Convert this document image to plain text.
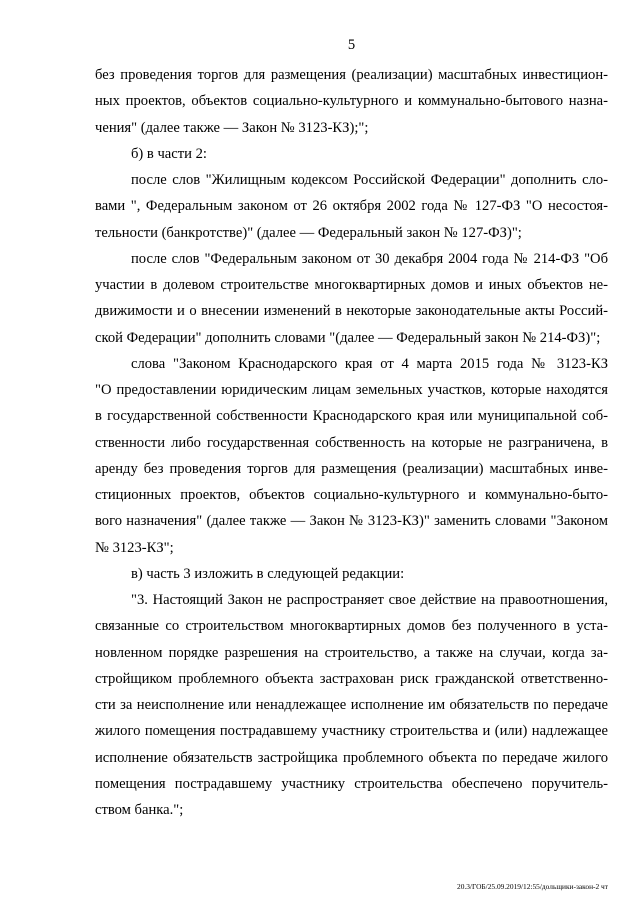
5
без проведения торгов для размещения (реализации) масштабных инвестицион-
ных проектов, объектов социально-культурного и коммунально-бытового назна-
чения" (далее также — Закон № 3123-КЗ);";
б) в части 2:
после слов "Жилищным кодексом Российской Федерации" дополнить сло-
вами ", Федеральным законом от 26 октября 2002 года № 127-ФЗ "О несостоя-
тельности (банкротстве)" (далее — Федеральный закон № 127-ФЗ)";
после слов "Федеральным законом от 30 декабря 2004 года № 214-ФЗ "Об
участии в долевом строительстве многоквартирных домов и иных объектов не-
движимости и о внесении изменений в некоторые законодательные акты Россий-
ской Федерации" дополнить словами "(далее — Федеральный закон № 214-ФЗ)";
слова "Законом Краснодарского края от 4 марта 2015 года № 3123-КЗ
"О предоставлении юридическим лицам земельных участков, которые находятся
в государственной собственности Краснодарского края или муниципальной соб-
ственности либо государственная собственность на которые не разграничена, в
аренду без проведения торгов для размещения (реализации) масштабных инве-
стиционных проектов, объектов социально-культурного и коммунально-быто-
вого назначения" (далее также — Закон № 3123-КЗ)" заменить словами "Законом
№ 3123-КЗ";
в) часть 3 изложить в следующей редакции:
"3. Настоящий Закон не распространяет свое действие на правоотношения,
связанные со строительством многоквартирных домов без полученного в уста-
новленном порядке разрешения на строительство, а также на случаи, когда за-
стройщиком проблемного объекта застрахован риск гражданской ответственно-
сти за неисполнение или ненадлежащее исполнение им обязательств по передаче
жилого помещения пострадавшему участнику строительства и (или) надлежащее
исполнение обязательств застройщика проблемного объекта по передаче жилого
помещения пострадавшему участнику строительства обеспечено поручитель-
ством банка.";
20.3/ГОБ/25.09.2019/12:55/дольщики-закон-2 чт
